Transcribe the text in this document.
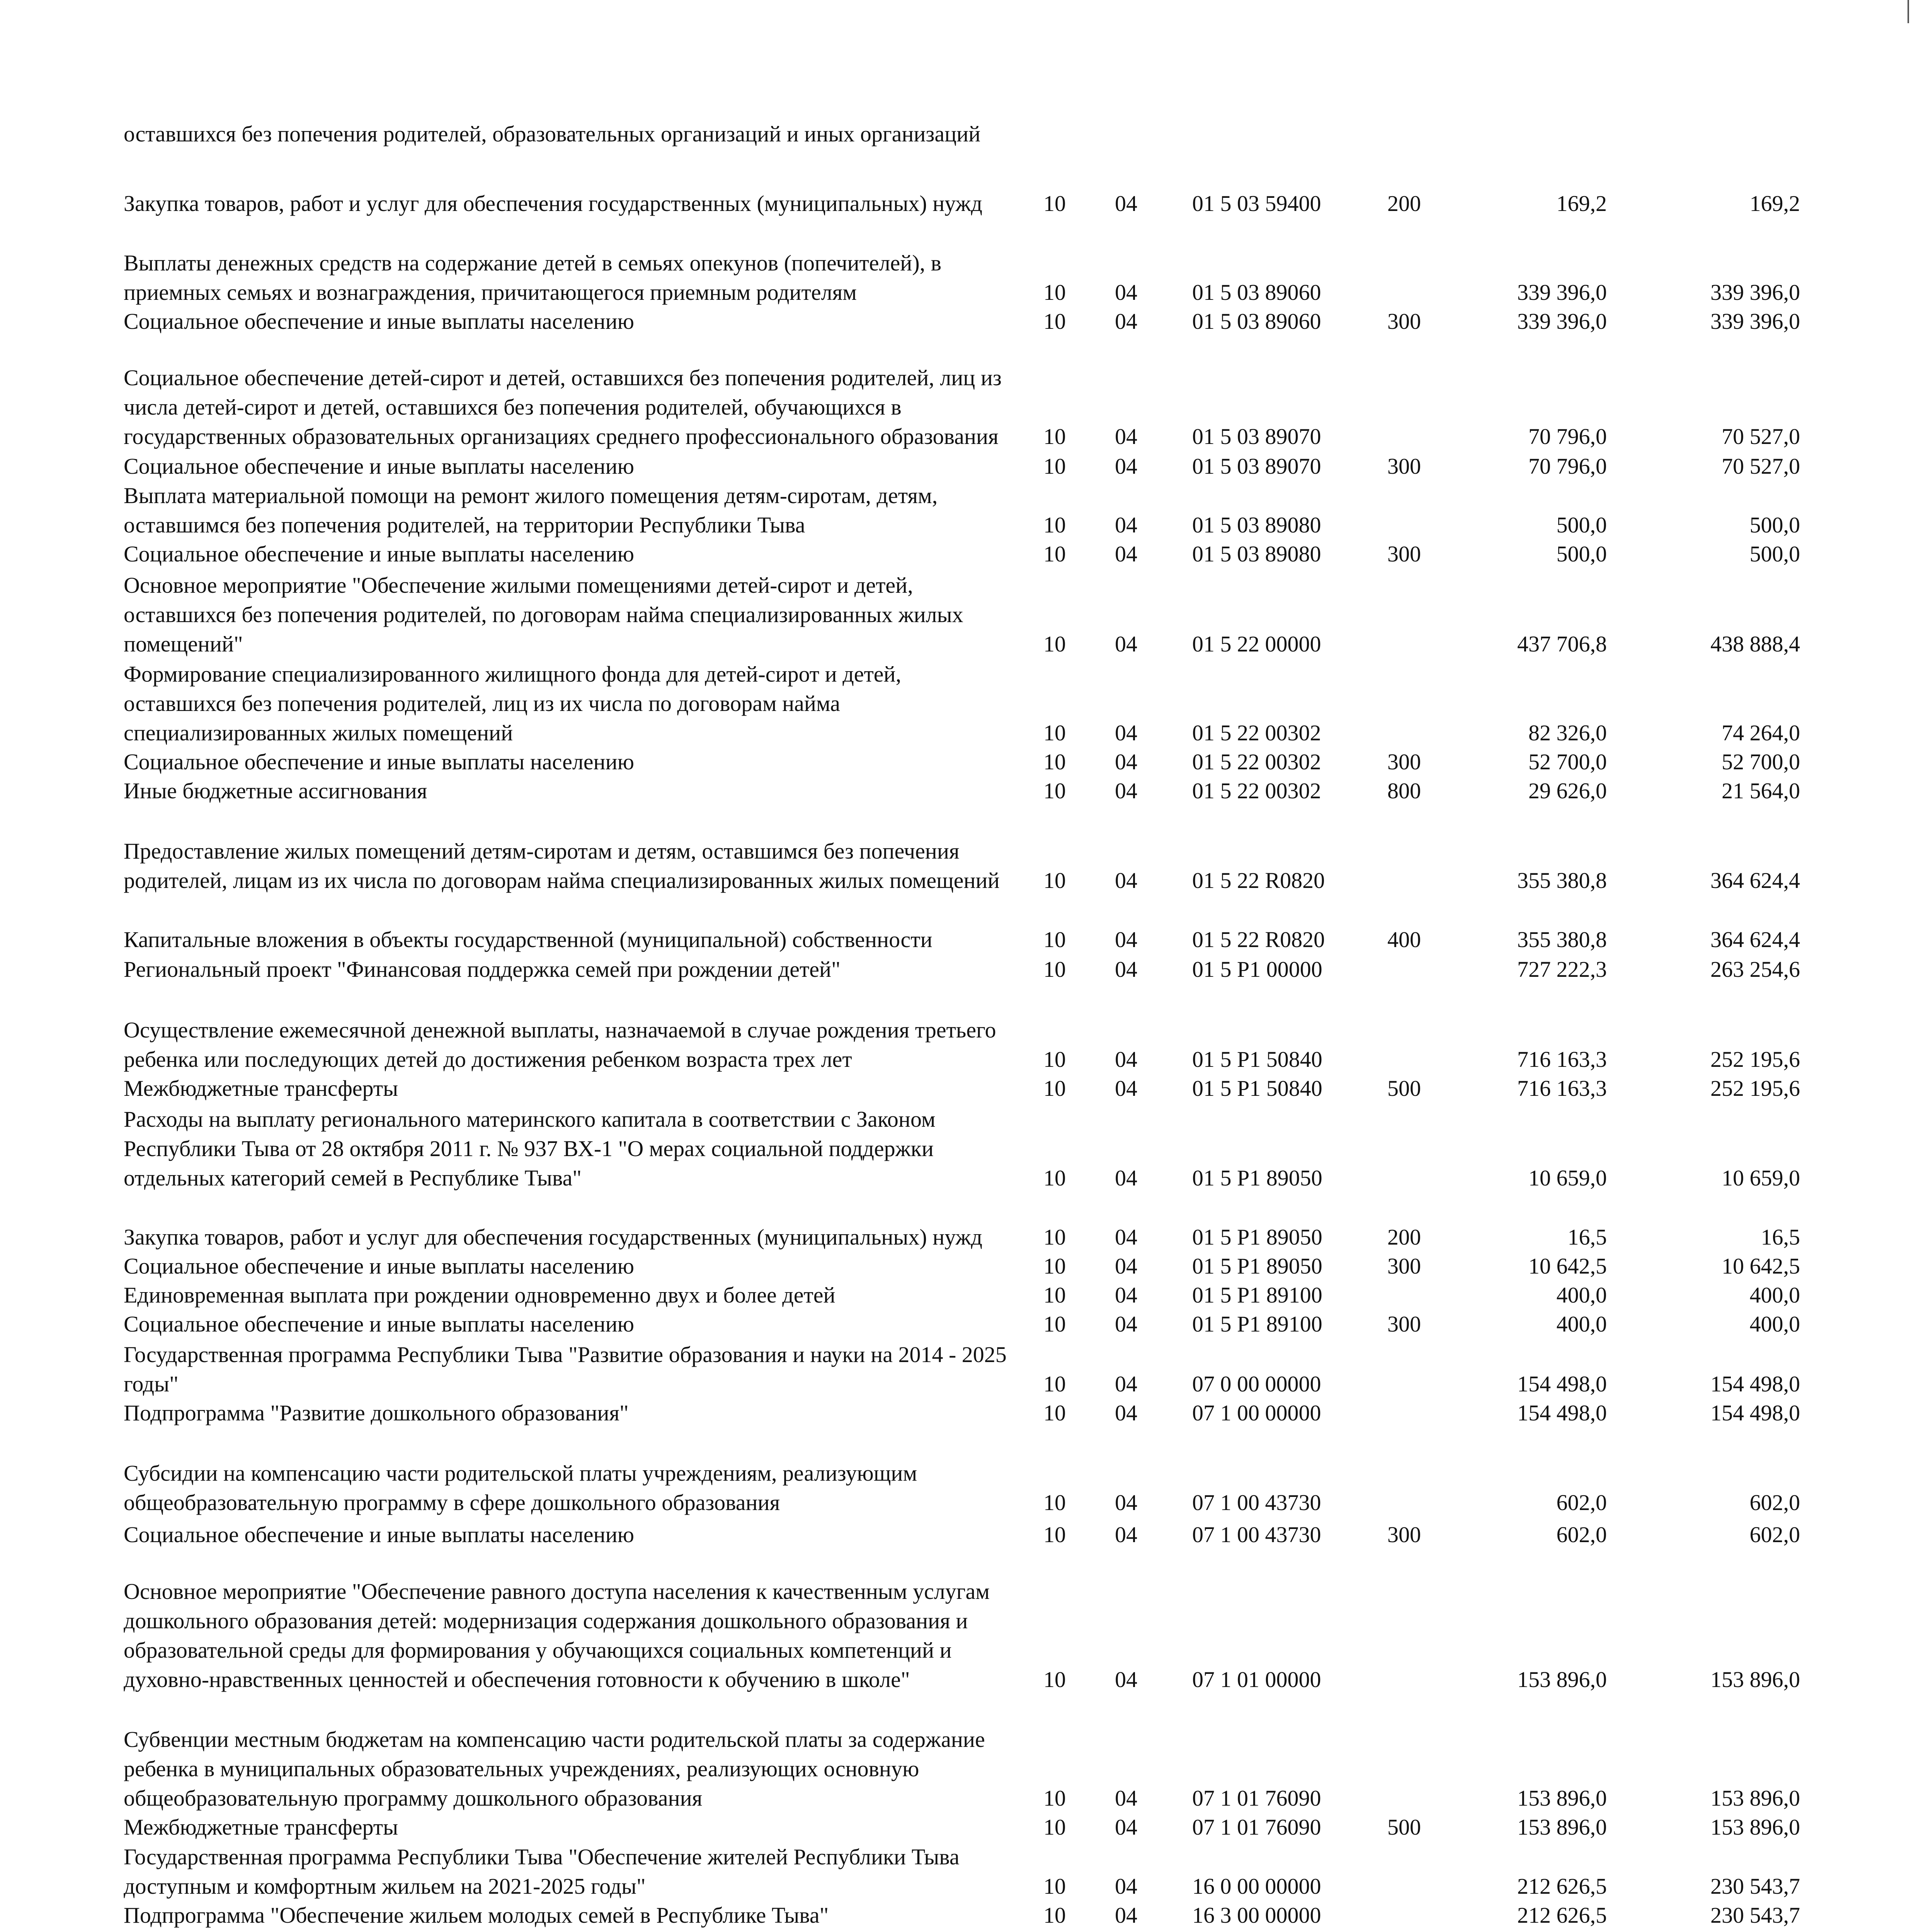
оставшихся без попечения родителей, образовательных организаций и иных организаций
Закупка товаров, работ и услуг для обеспечения государственных (муниципальных) нужд	10 04 01 5 03 59400	200	169,2	169,2
Выплаты денежных средств на содержание детей в семьях опекунов (попечителей), в приемных семьях и вознаграждения, причитающегося приемным родителям	10 04 01 5 03 89060	339 396,0	339 396,0
Социальное обеспечение и иные выплаты населению	10 04 01 5 03 89060	300	339 396,0	339 396,0
Социальное обеспечение детей-сирот и детей, оставшихся без попечения родителей, лиц из числа детей-сирот и детей, оставшихся без попечения родителей, обучающихся в государственных образовательных организациях среднего профессионального образования	10 04 01 5 03 89070	70 796,0	70 527,0
Социальное обеспечение и иные выплаты населению	10 04 01 5 03 89070	300	70 796,0	70 527,0
Выплата материальной помощи на ремонт жилого помещения детям-сиротам, детям, оставшимся без попечения родителей, на территории Республики Тыва	10 04 01 5 03 89080	500,0	500,0
Социальное обеспечение и иные выплаты населению	10 04 01 5 03 89080	300	500,0	500,0
Основное мероприятие "Обеспечение жилыми помещениями детей-сирот и детей, оставшихся без попечения родителей, по договорам найма специализированных жилых помещений"	10 04 01 5 22 00000	437 706,8	438 888,4
Формирование специализированного жилищного фонда для детей-сирот и детей, оставшихся без попечения родителей, лиц из их числа по договорам найма специализированных жилых помещений	10 04 01 5 22 00302	82 326,0	74 264,0
Социальное обеспечение и иные выплаты населению	10 04 01 5 22 00302	300	52 700,0	52 700,0
Иные бюджетные ассигнования	10 04 01 5 22 00302	800	29 626,0	21 564,0
Предоставление жилых помещений детям-сиротам и детям, оставшимся без попечения родителей, лицам из их числа по договорам найма специализированных жилых помещений	10 04 01 5 22 R0820	355 380,8	364 624,4
Капитальные вложения в объекты государственной (муниципальной) собственности	10 04 01 5 22 R0820	400	355 380,8	364 624,4
Региональный проект "Финансовая поддержка семей при рождении детей"	10 04 01 5 P1 00000	727 222,3	263 254,6
Осуществление ежемесячной денежной выплаты, назначаемой в случае рождения третьего ребенка или последующих детей до достижения ребенком возраста трех лет	10 04 01 5 P1 50840	716 163,3	252 195,6
Межбюджетные трансферты	10 04 01 5 P1 50840	500	716 163,3	252 195,6
Расходы на выплату регионального материнского капитала в соответствии с Законом Республики Тыва от 28 октября 2011 г. № 937 ВХ-1 "О мерах социальной поддержки отдельных категорий семей в Республике Тыва"	10 04 01 5 P1 89050	10 659,0	10 659,0
Закупка товаров, работ и услуг для обеспечения государственных (муниципальных) нужд	10 04 01 5 P1 89050	200	16,5	16,5
Социальное обеспечение и иные выплаты населению	10 04 01 5 P1 89050	300	10 642,5	10 642,5
Единовременная выплата при рождении одновременно двух и более детей	10 04 01 5 P1 89100	400,0	400,0
Социальное обеспечение и иные выплаты населению	10 04 01 5 P1 89100	300	400,0	400,0
Государственная программа Республики Тыва "Развитие образования и науки на 2014 - 2025 годы"	10 04 07 0 00 00000	154 498,0	154 498,0
Подпрограмма "Развитие дошкольного образования"	10 04 07 1 00 00000	154 498,0	154 498,0
Субсидии на компенсацию части родительской платы учреждениям, реализующим общеобразовательную программу в сфере дошкольного образования	10 04 07 1 00 43730	602,0	602,0
Социальное обеспечение и иные выплаты населению	10 04 07 1 00 43730	300	602,0	602,0
Основное мероприятие "Обеспечение равного доступа населения к качественным услугам дошкольного образования детей: модернизация содержания дошкольного образования и образовательной среды для формирования у обучающихся социальных компетенций и духовно-нравственных ценностей и обеспечения готовности к обучению в школе"	10 04 07 1 01 00000	153 896,0	153 896,0
Субвенции местным бюджетам на компенсацию части родительской платы за содержание ребенка в муниципальных образовательных учреждениях, реализующих основную общеобразовательную программу дошкольного образования	10 04 07 1 01 76090	153 896,0	153 896,0
Межбюджетные трансферты	10 04 07 1 01 76090	500	153 896,0	153 896,0
Государственная программа Республики Тыва "Обеспечение жителей Республики Тыва доступным и комфортным жильем на 2021-2025 годы"	10 04 16 0 00 00000	212 626,5	230 543,7
Подпрограмма "Обеспечение жильем молодых семей в Республике Тыва"	10 04 16 3 00 00000	212 626,5	230 543,7
